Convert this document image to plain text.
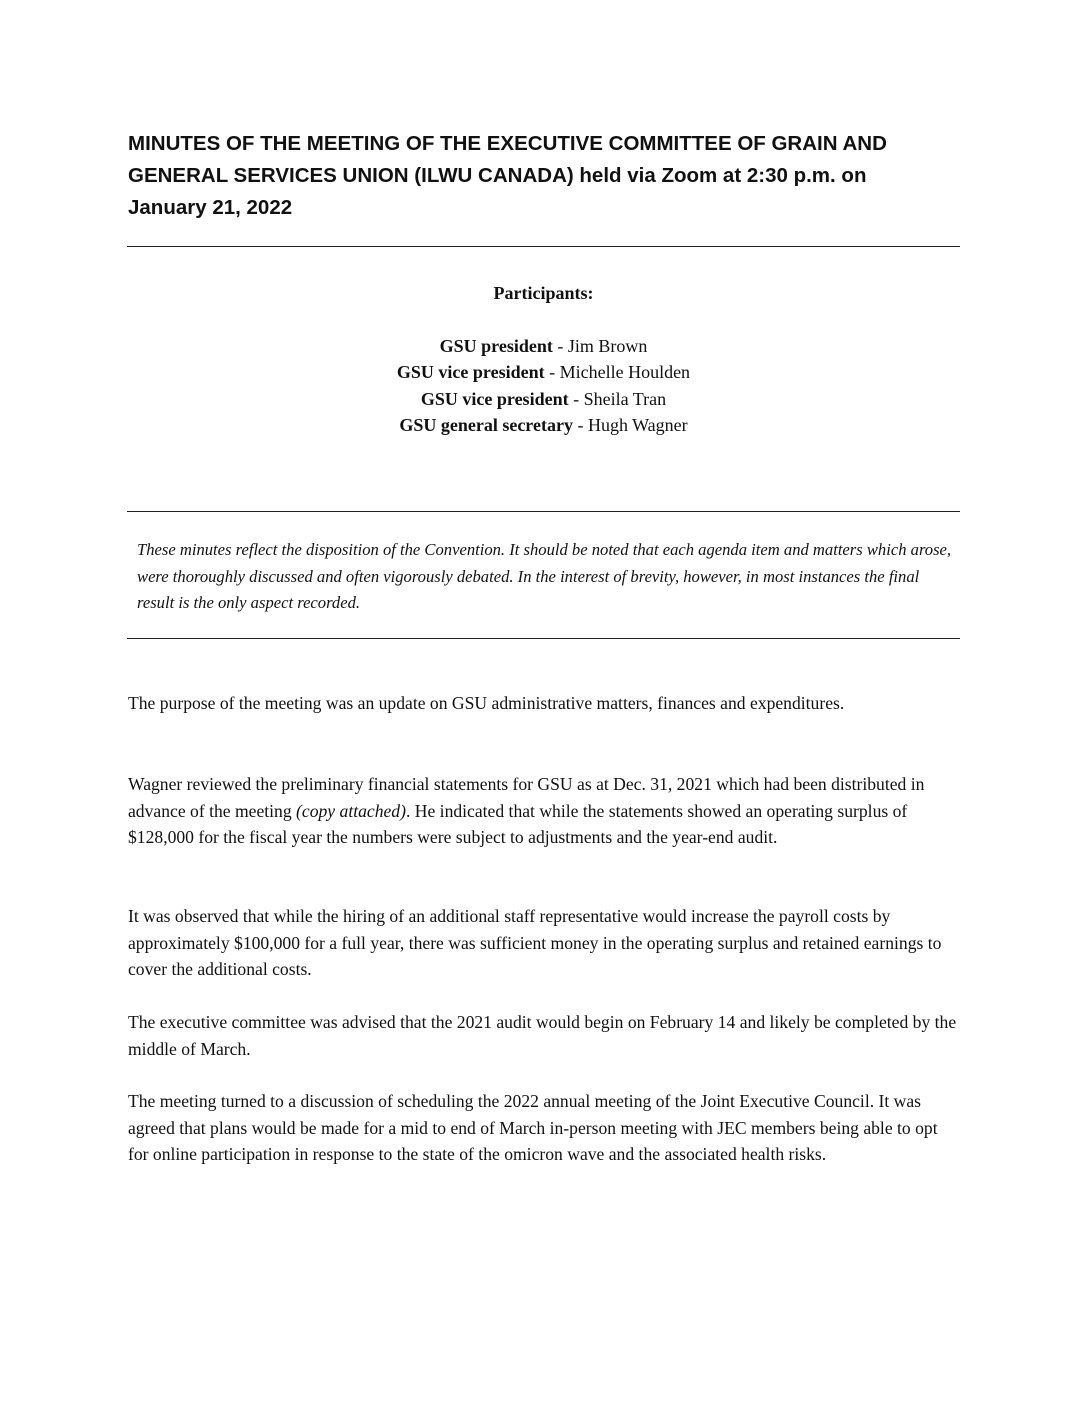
MINUTES OF THE MEETING OF THE EXECUTIVE COMMITTEE OF GRAIN AND GENERAL SERVICES UNION (ILWU CANADA) held via Zoom at 2:30 p.m. on January 21, 2022

Participants:

GSU president - Jim Brown

GSU vice president - Michelle Houlden

GSU vice president - Sheila Tran

GSU general secretary - Hugh Wagner

These minutes reflect the disposition of the Convention. It should be noted that each agenda item and matters which arose, were thoroughly discussed and often vigorously debated. In the interest of brevity, however, in most instances the final result is the only aspect recorded.

The purpose of the meeting was an update on GSU administrative matters, finances and expenditures.

Wagner reviewed the preliminary financial statements for GSU as at Dec. 31, 2021 which had been distributed in advance of the meeting (copy attached). He indicated that while the statements showed an operating surplus of $128,000 for the fiscal year the numbers were subject to adjustments and the year-end audit.

It was observed that while the hiring of an additional staff representative would increase the payroll costs by approximately $100,000 for a full year, there was sufficient money in the operating surplus and retained earnings to cover the additional costs.

The executive committee was advised that the 2021 audit would begin on February 14 and likely be completed by the middle of March.

The meeting turned to a discussion of scheduling the 2022 annual meeting of the Joint Executive Council. It was agreed that plans would be made for a mid to end of March in-person meeting with JEC members being able to opt for online participation in response to the state of the omicron wave and the associated health risks.
